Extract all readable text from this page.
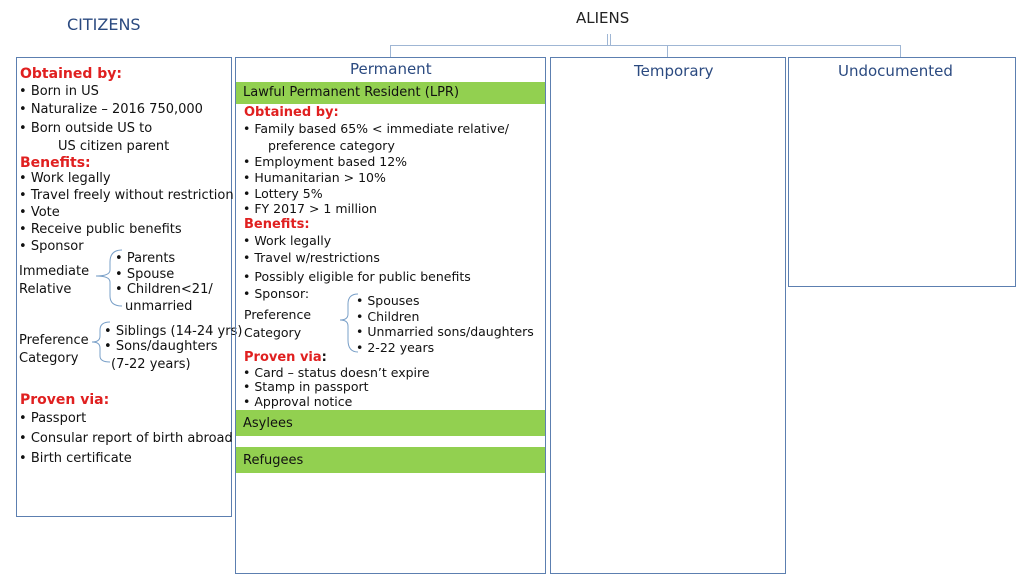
CITIZENS	ALIENS
Obtained by:
• Born in US
• Naturalize – 2016 750,000
• Born outside US to
US citizen parent
Benefits:
• Work legally
• Travel freely without restriction
• Vote
• Receive public benefits
• Sponsor
Immediate
Relative
• Parents
• Spouse
• Children<21/
unmarried
Preference
Category
• Siblings (14-24 yrs)
• Sons/daughters
(7-22 years)
Proven via:
• Passport
• Consular report of birth abroad
• Birth certificate
Permanent
Lawful Permanent Resident (LPR)
Obtained by:
• Family based 65% < immediate relative/
preference category
• Employment based 12%
• Humanitarian > 10%
• Lottery 5%
• FY 2017 > 1 million
Benefits:
• Work legally
• Travel w/restrictions
• Possibly eligible for public benefits
• Sponsor:
Preference
Category
• Spouses
• Children
• Unmarried sons/daughters
• 2-22 years
Proven via:
• Card – status doesn’t expire
• Stamp in passport
• Approval notice
Asylees
Refugees
Temporary	Undocumented
